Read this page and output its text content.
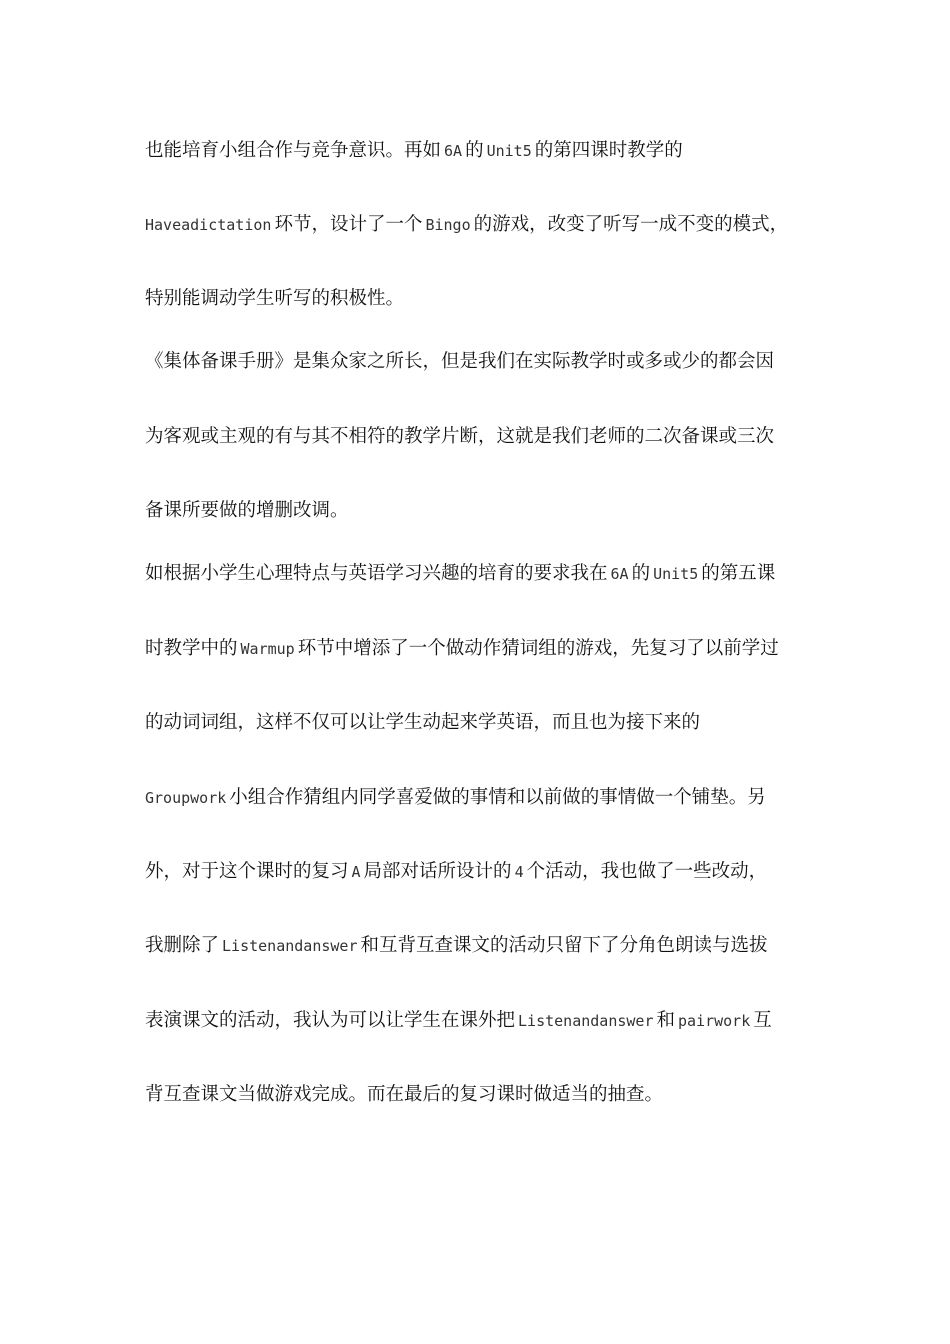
也能培育小组合作与竞争意识。再如 6A 的 Unit5 的第四课时教学的
Haveadictation 环节，设计了一个 Bingo 的游戏，改变了听写一成不变的模式，
特别能调动学生听写的积极性。
《集体备课手册》是集众家之所长，但是我们在实际教学时或多或少的都会因
为客观或主观的有与其不相符的教学片断，这就是我们老师的二次备课或三次
备课所要做的增删改调。
如根据小学生心理特点与英语学习兴趣的培育的要求我在 6A 的 Unit5 的第五课
时教学中的 Warmup 环节中增添了一个做动作猜词组的游戏，先复习了以前学过
的动词词组，这样不仅可以让学生动起来学英语，而且也为接下来的
Groupwork 小组合作猜组内同学喜爱做的事情和以前做的事情做一个铺垫。另
外，对于这个课时的复习 A 局部对话所设计的 4 个活动，我也做了一些改动，
我删除了 Listenandanswer 和互背互查课文的活动只留下了分角色朗读与选拔
表演课文的活动，我认为可以让学生在课外把 Listenandanswer 和 pairwork 互
背互查课文当做游戏完成。而在最后的复习课时做适当的抽查。
